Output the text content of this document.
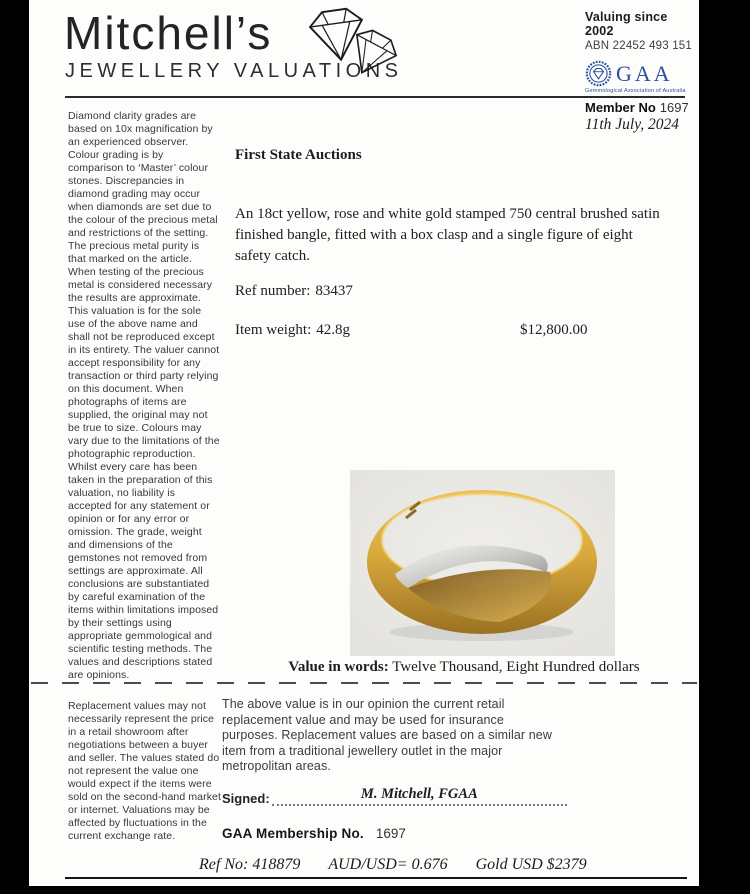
Mitchell’s
JEWELLERY VALUATIONS
Valuing since 2002
ABN 22452 493 151
GAA
Gemmological Association of Australia
Member No 1697
Diamond clarity grades are based on 10x magnification by an experienced observer. Colour grading is by comparison to ‘Master’ colour stones. Discrepancies in diamond grading may occur when diamonds are set due to the colour of the precious metal and restrictions of the setting. The precious metal purity is that marked on the article. When testing of the precious metal is considered necessary the results are approximate. This valuation is for the sole use of the above name and shall not be reproduced except in its entirety. The valuer cannot accept responsibility for any transaction or third party relying on this document. When photographs of items are supplied, the original may not be true to size. Colours may vary due to the limitations of the photographic reproduction. Whilst every care has been taken in the preparation of this valuation, no liability is accepted for any statement or opinion or for any error or omission. The grade, weight and dimensions of the gemstones not removed from settings are approximate. All conclusions are substantiated by careful examination of the items within limitations imposed by their settings using appropriate gemmological and scientific testing methods. The values and descriptions stated are opinions.
Replacement values may not necessarily represent the price in a retail showroom after negotiations between a buyer and seller. The values stated do not represent the value one would expect if the items were sold on the second-hand market or internet. Valuations may be affected by fluctuations in the current exchange rate.
11th July, 2024
First State Auctions
An 18ct yellow, rose and white gold stamped 750 central brushed satin finished bangle, fitted with a box clasp and a single figure of eight safety catch.
Ref number: 83437
Item weight: 42.8g	$12,800.00
Value in words: Twelve Thousand, Eight Hundred dollars
The above value is in our opinion the current retail replacement value and may be used for insurance purposes. Replacement values are based on a similar new item from a traditional jewellery outlet in the major metropolitan areas.
Signed:	M. Mitchell, FGAA
GAA Membership No. 1697
Ref No: 418879 AUD/USD= 0.676 Gold USD $2379
